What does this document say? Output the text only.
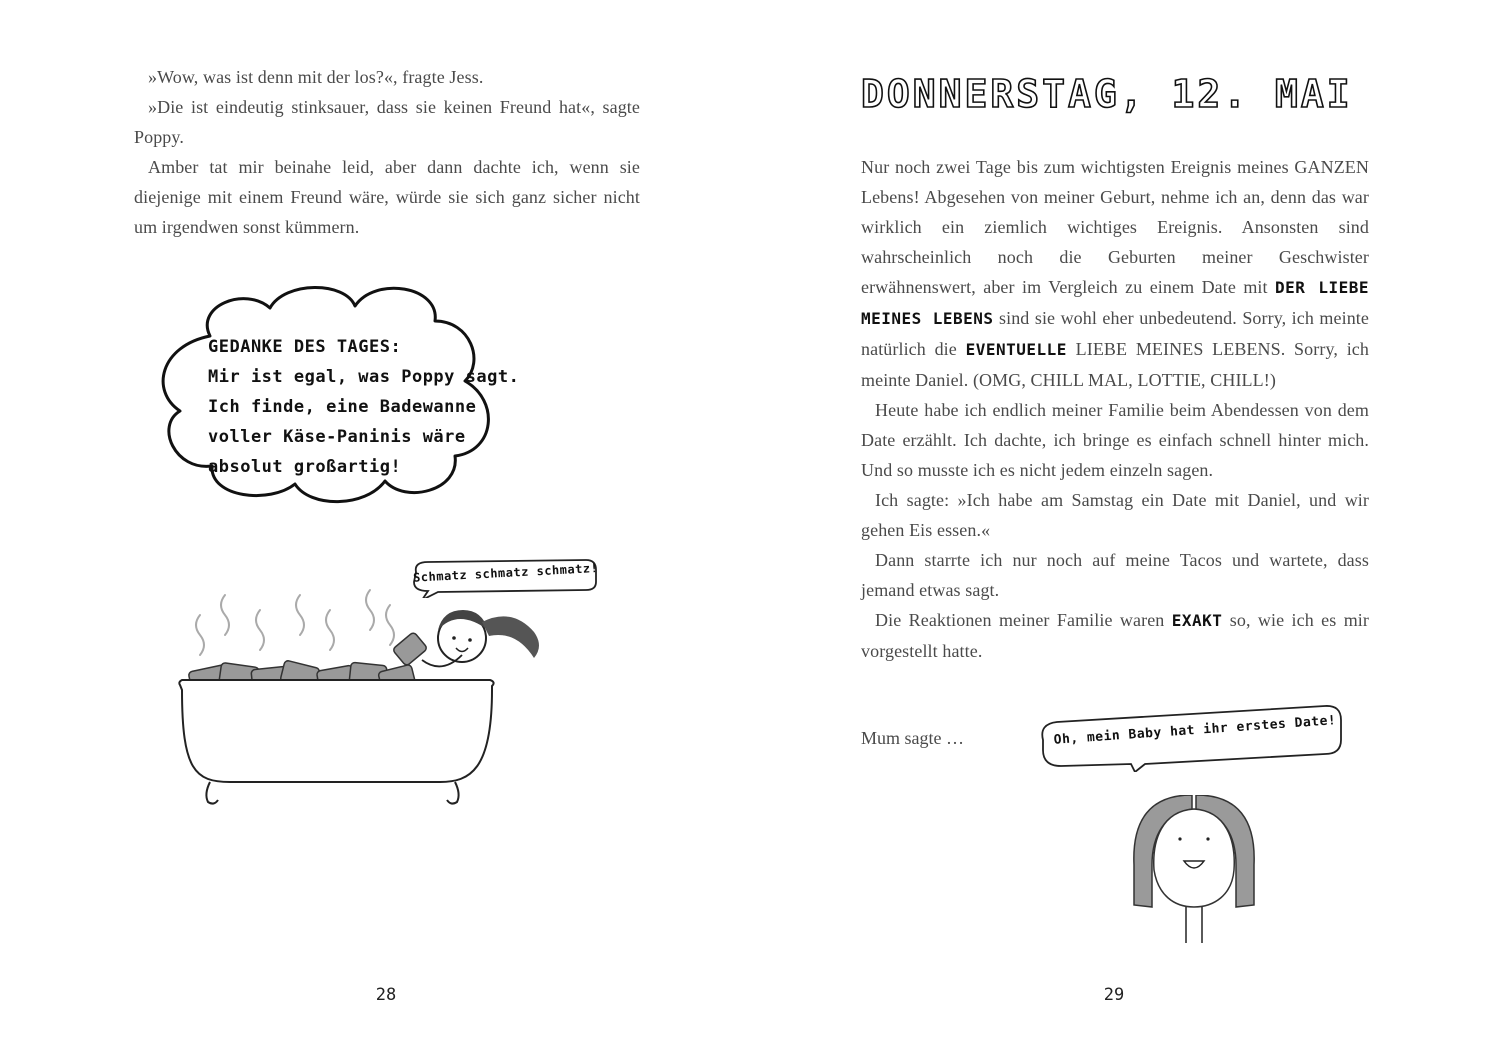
»Wow, was ist denn mit der los?«, fragte Jess.

»Die ist eindeutig stinksauer, dass sie keinen Freund hat«, sagte Poppy.

Amber tat mir beinahe leid, aber dann dachte ich, wenn sie diejenige mit einem Freund wäre, würde sie sich ganz sicher nicht um irgendwen sonst kümmern.

GEDANKE DES TAGES:
Mir ist egal, was Poppy sagt.
Ich finde, eine Badewanne
voller Käse-Paninis wäre
absolut großartig!
Schmatz schmatz schmatz!
28
DONNERSTAG, 12. MAI

Nur noch zwei Tage bis zum wichtigsten Ereignis meines GANZEN Lebens! Abgesehen von meiner Geburt, nehme ich an, denn das war wirklich ein ziemlich wichtiges Ereignis. Ansonsten sind wahrscheinlich noch die Geburten meiner Geschwister erwähnenswert, aber im Vergleich zu einem Date mit DER LIEBE MEINES LEBENS sind sie wohl eher unbedeutend. Sorry, ich meinte natürlich die EVENTUELLE LIEBE MEINES LEBENS. Sorry, ich meinte Daniel. (OMG, CHILL MAL, LOTTIE, CHILL!)

Heute habe ich endlich meiner Familie beim Abendessen von dem Date erzählt. Ich dachte, ich bringe es einfach schnell hinter mich. Und so musste ich es nicht jedem einzeln sagen.

Ich sagte: »Ich habe am Samstag ein Date mit Daniel, und wir gehen Eis essen.«

Dann starrte ich nur noch auf meine Tacos und wartete, dass jemand etwas sagt.

Die Reaktionen meiner Familie waren EXAKT so, wie ich es mir vorgestellt hatte.

Mum sagte …	Oh, mein Baby hat ihr erstes Date!
29
